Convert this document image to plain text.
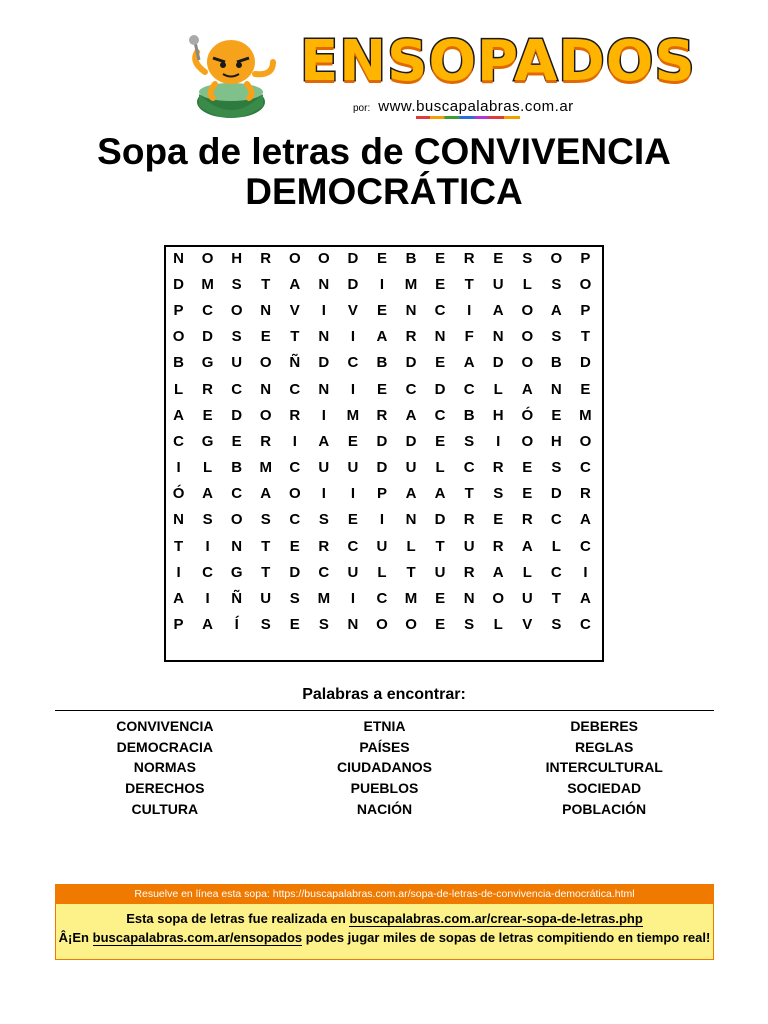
ENSOPADOS
por: www.buscapalabras.com.ar
Sopa de letras de CONVIVENCIA
DEMOCRÁTICA
N	O	H	R	O	O	D	E	B	E	R	E	S	O	P
D	M	S	T	A	N	D	I	M	E	T	U	L	S	O
P	C	O	N	V	I	V	E	N	C	I	A	O	A	P
O	D	S	E	T	N	I	A	R	N	F	N	O	S	T
B	G	U	O	Ñ	D	C	B	D	E	A	D	O	B	D
L	R	C	N	C	N	I	E	C	D	C	L	A	N	E
A	E	D	O	R	I	M	R	A	C	B	H	Ó	E	M
C	G	E	R	I	A	E	D	D	E	S	I	O	H	O
I	L	B	M	C	U	U	D	U	L	C	R	E	S	C
Ó	A	C	A	O	I	I	P	A	A	T	S	E	D	R
N	S	O	S	C	S	E	I	N	D	R	E	R	C	A
T	I	N	T	E	R	C	U	L	T	U	R	A	L	C
I	C	G	T	D	C	U	L	T	U	R	A	L	C	I
A	I	Ñ	U	S	M	I	C	M	E	N	O	U	T	A
P	A	Í	S	E	S	N	O	O	E	S	L	V	S	C
Palabras a encontrar:
CONVIVENCIA
DEMOCRACIA
NORMAS
DERECHOS
CULTURA
ETNIA
PAÍSES
CIUDADANOS
PUEBLOS
NACIÓN
DEBERES
REGLAS
INTERCULTURAL
SOCIEDAD
POBLACIÓN
Resuelve en línea esta sopa: https://buscapalabras.com.ar/sopa-de-letras-de-convivencia-democrática.html
Esta sopa de letras fue realizada en buscapalabras.com.ar/crear-sopa-de-letras.php
Â¡En buscapalabras.com.ar/ensopados podes jugar miles de sopas de letras compitiendo en tiempo real!
